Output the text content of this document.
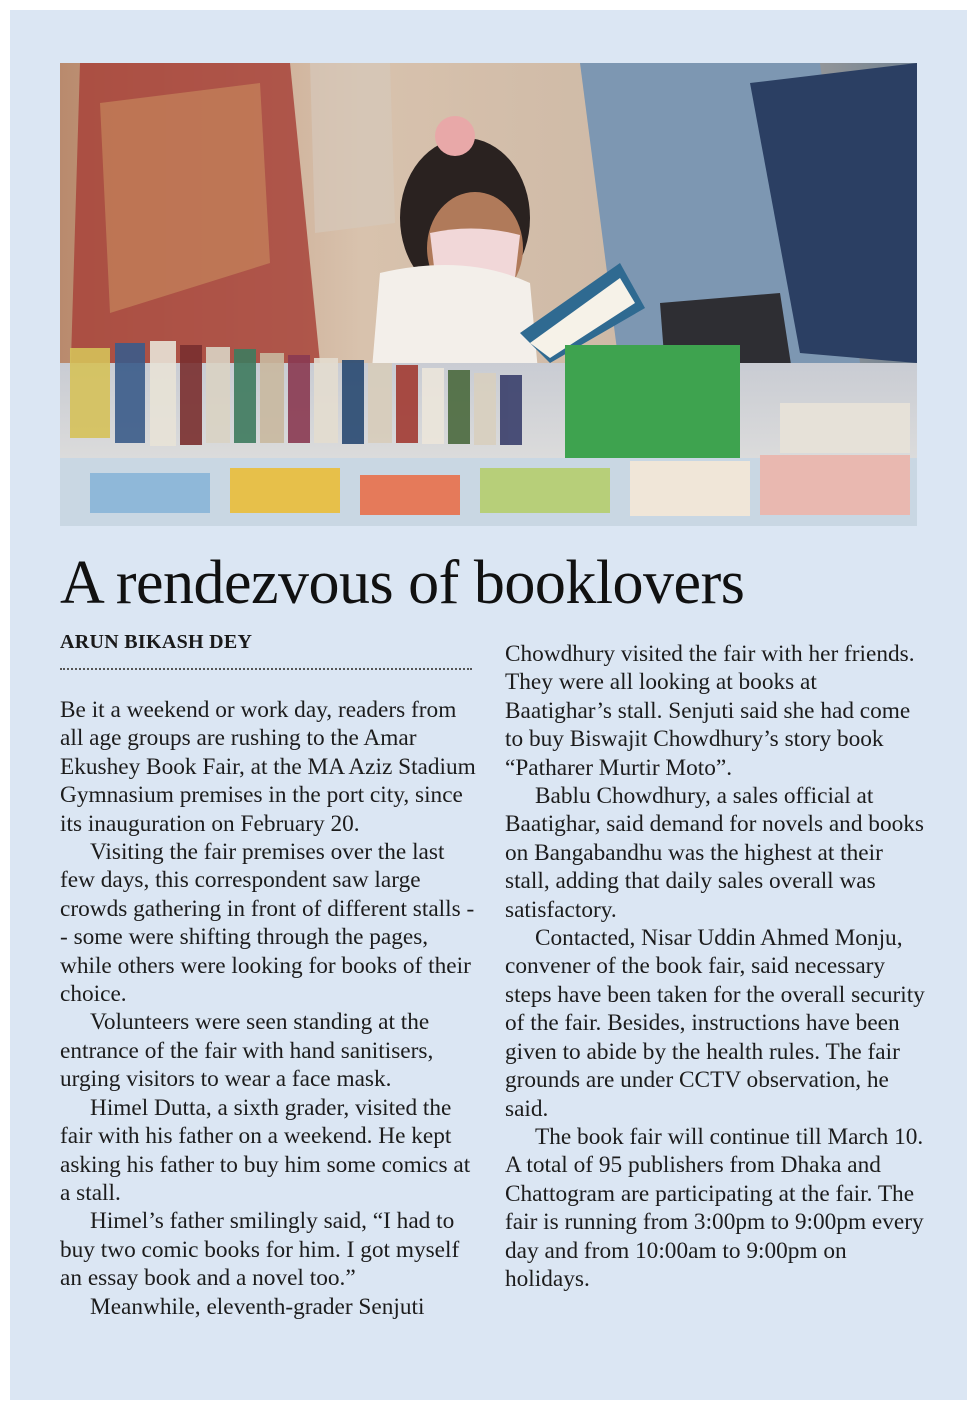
A rendezvous of booklovers
ARUN BIKASH DEY

Be it a weekend or work day, readers from all age groups are rushing to the Amar Ekushey Book Fair, at the MA Aziz Stadium Gymnasium premises in the port city, since its inauguration on February 20.

Visiting the fair premises over the last few days, this correspondent saw large crowds gathering in front of different stalls -- some were shifting through the pages, while others were looking for books of their choice.

Volunteers were seen standing at the entrance of the fair with hand sanitisers, urging visitors to wear a face mask.

Himel Dutta, a sixth grader, visited the fair with his father on a weekend. He kept asking his father to buy him some comics at a stall.

Himel’s father smilingly said, “I had to buy two comic books for him. I got myself an essay book and a novel too.”

Meanwhile, eleventh-grader Senjuti

Chowdhury visited the fair with her friends. They were all looking at books at Baatighar’s stall. Senjuti said she had come to buy Biswajit Chowdhury’s story book “Patharer Murtir Moto”.

Bablu Chowdhury, a sales official at Baatighar, said demand for novels and books on Bangabandhu was the highest at their stall, adding that daily sales overall was satisfactory.

Contacted, Nisar Uddin Ahmed Monju, convener of the book fair, said necessary steps have been taken for the overall security of the fair. Besides, instructions have been given to abide by the health rules. The fair grounds are under CCTV observation, he said.

The book fair will continue till March 10. A total of 95 publishers from Dhaka and Chattogram are participating at the fair. The fair is running from 3:00pm to 9:00pm every day and from 10:00am to 9:00pm on holidays.
